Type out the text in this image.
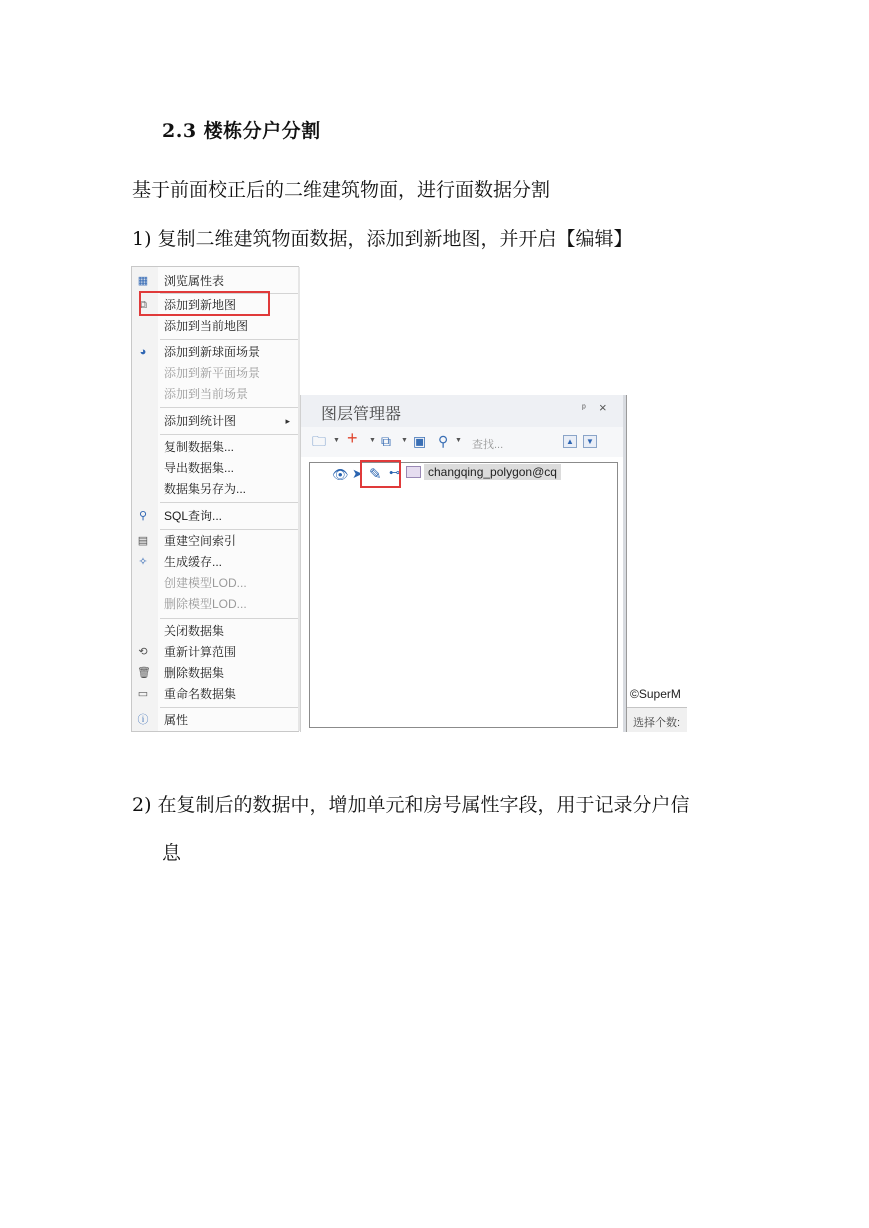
2.3 楼栋分户分割
基于前面校正后的二维建筑物面，进行面数据分割
1) 复制二维建筑物面数据，添加到新地图，并开启【编辑】
2) 在复制后的数据中，增加单元和房号属性字段，用于记录分户信
息
▦ 浏览属性表
⧉ 添加到新地图
添加到当前地图
◕ 添加到新球面场景
添加到新平面场景
添加到当前场景
添加到统计图	▸
复制数据集...
导出数据集...
数据集另存为...
⚲ SQL查询...
▤ 重建空间索引
✧ 生成缓存...
创建模型LOD...
删除模型LOD...
关闭数据集
⟲ 重新计算范围
🗑︎ 删除数据集
▭ 重命名数据集
ⓘ 属性
图层管理器	ᵖ ×
🗀︎ ▼ + ▼ ⧉ ▼ ▣ ⚲ ▼ 查找...	▲	▼
👁︎ ➤ ✎ ⊷	changqing_polygon@cq
©SuperM
选择个数:
